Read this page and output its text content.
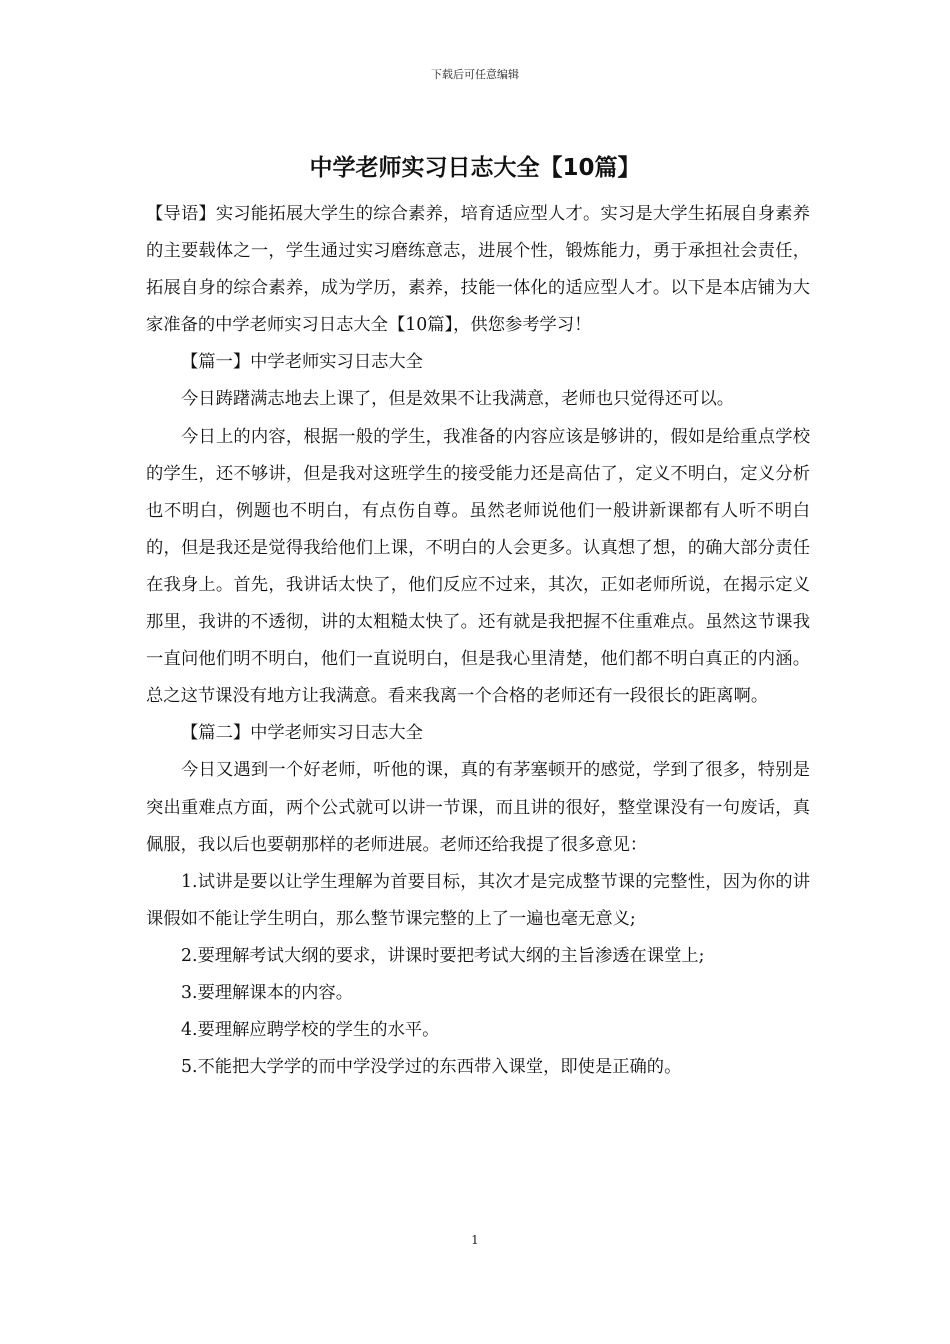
下载后可任意编辑
中学老师实习日志大全【10篇】

【导语】实习能拓展大学生的综合素养，培育适应型人才。实习是大学生拓展自身素养的主要载体之一，学生通过实习磨练意志，进展个性，锻炼能力，勇于承担社会责任，拓展自身的综合素养，成为学历，素养，技能一体化的适应型人才。以下是本店铺为大家准备的中学老师实习日志大全【10篇】，供您参考学习！

【篇一】中学老师实习日志大全

今日踌躇满志地去上课了，但是效果不让我满意，老师也只觉得还可以。

今日上的内容，根据一般的学生，我准备的内容应该是够讲的，假如是给重点学校的学生，还不够讲，但是我对这班学生的接受能力还是高估了，定义不明白，定义分析也不明白，例题也不明白，有点伤自尊。虽然老师说他们一般讲新课都有人听不明白的，但是我还是觉得我给他们上课，不明白的人会更多。认真想了想，的确大部分责任在我身上。首先，我讲话太快了，他们反应不过来，其次，正如老师所说，在揭示定义那里，我讲的不透彻，讲的太粗糙太快了。还有就是我把握不住重难点。虽然这节课我一直问他们明不明白，他们一直说明白，但是我心里清楚，他们都不明白真正的内涵。总之这节课没有地方让我满意。看来我离一个合格的老师还有一段很长的距离啊。

【篇二】中学老师实习日志大全

今日又遇到一个好老师，听他的课，真的有茅塞顿开的感觉，学到了很多，特别是突出重难点方面，两个公式就可以讲一节课，而且讲的很好，整堂课没有一句废话，真佩服，我以后也要朝那样的老师进展。老师还给我提了很多意见：

1.试讲是要以让学生理解为首要目标，其次才是完成整节课的完整性，因为你的讲课假如不能让学生明白，那么整节课完整的上了一遍也毫无意义;

2.要理解考试大纲的要求，讲课时要把考试大纲的主旨渗透在课堂上;

3.要理解课本的内容。

4.要理解应聘学校的学生的水平。

5.不能把大学学的而中学没学过的东西带入课堂，即使是正确的。

1
